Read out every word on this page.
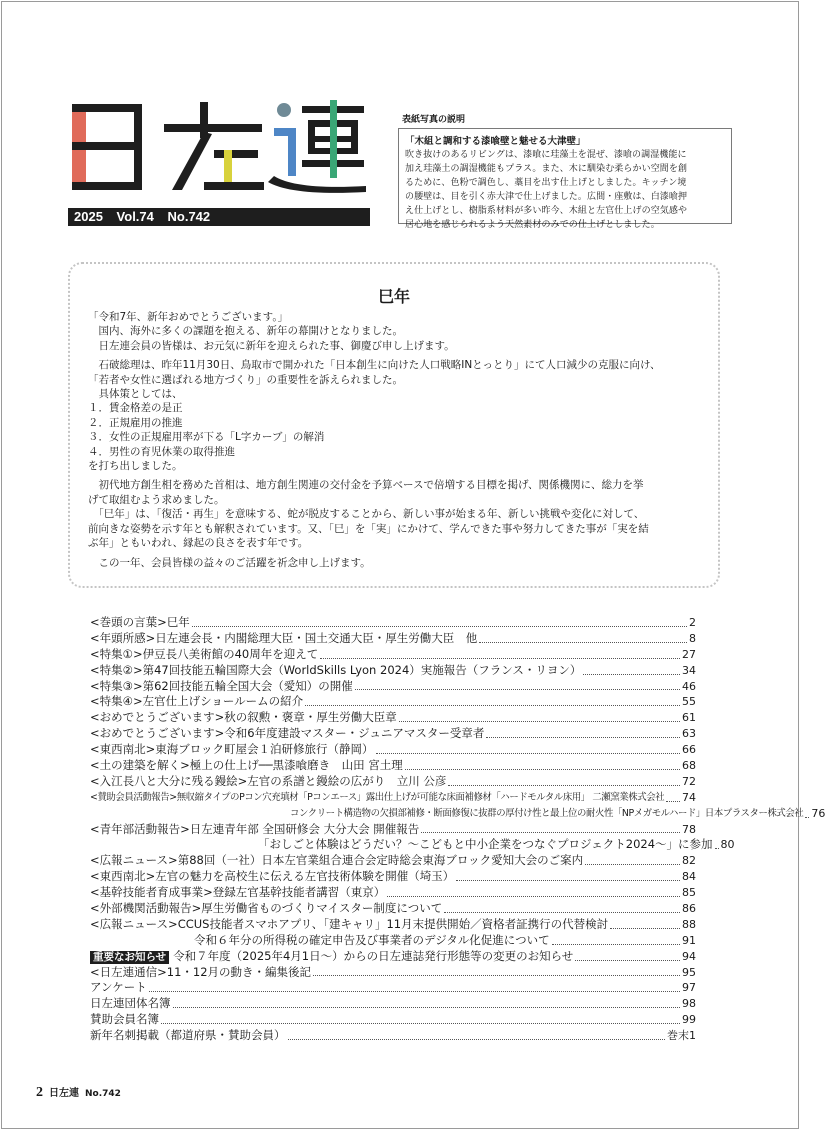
2025 Vol.74 No.742
表紙写真の説明
「木組と調和する漆喰壁と魅せる大津壁」
吹き抜けのあるリビングは、漆喰に珪藻土を混ぜ、漆喰の調湿機能に
加え珪藻土の調湿機能もプラス。また、木に馴染む柔らかい空間を創
るために、色粉で調色し、藁目を出す仕上げとしました。キッチン境
の腰壁は、目を引く赤大津で仕上げました。広間・座敷は、白漆喰押
え仕上げとし、樹脂系材料が多い昨今、木組と左官仕上げの空気感や
居心地を感じられるよう天然素材のみでの仕上げとしました。
巳年

「令和7年、新年おめでとうございます。」

　国内、海外に多くの課題を抱える、新年の幕開けとなりました。

　日左連会員の皆様は、お元気に新年を迎えられた事、御慶び申し上げます。

　石破総理は、昨年11月30日、鳥取市で開かれた「日本創生に向けた人口戦略INとっとり」にて人口減少の克服に向け、

「若者や女性に選ばれる地方づくり」の重要性を訴えられました。

　具体策としては、

１．賃金格差の是正

２．正規雇用の推進

３．女性の正規雇用率が下る「L字カーブ」の解消

４．男性の育児休業の取得推進

を打ち出しました。

　初代地方創生相を務めた首相は、地方創生関連の交付金を予算ベースで倍増する目標を掲げ、関係機関に、総力を挙

げて取組むよう求めました。

　「巳年」は、「復活・再生」を意味する、蛇が脱皮することから、新しい事が始まる年、新しい挑戦や変化に対して、

前向きな姿勢を示す年とも解釈されています。又、「巳」を「実」にかけて、学んできた事や努力してきた事が「実を結

ぶ年」ともいわれ、縁起の良さを表す年です。

　この一年、会員皆様の益々のご活躍を祈念申し上げます。

<巻頭の言葉>巳年	2
<年頭所感>日左連会長・内閣総理大臣・国土交通大臣・厚生労働大臣　他	8
<特集①>伊豆長八美術館の40周年を迎えて	27
<特集②>第47回技能五輪国際大会（WorldSkills Lyon 2024）実施報告（フランス・リヨン）	34
<特集③>第62回技能五輪全国大会（愛知）の開催	46
<特集④>左官仕上げショールームの紹介	55
<おめでとうございます>秋の叙勲・褒章・厚生労働大臣章	61
<おめでとうございます>令和6年度建設マスター・ジュニアマスター受章者	63
<東西南北>東海ブロック町屋会１泊研修旅行（静岡）	66
<土の建築を解く>極上の仕上げ──黒漆喰磨き　山田 宮土理	68
<入江長八と大分に残る鏝絵>左官の系譜と鏝絵の広がり　立川 公彦	72
<賛助会員活動報告>無収縮タイプのPコン穴充填材「Pコンエース」露出仕上げが可能な床面補修材「ハードモルタル床用」 二瀬窯業株式会社 74
コンクリート構造物の欠損部補修・断面修復に抜群の厚付け性と最上位の耐火性「NPメガモルハード」日本プラスター株式会社 76
<青年部活動報告>日左連青年部 全国研修会 大分大会 開催報告	78
「おしごと体験はどうだい？～こどもと中小企業をつなぐプロジェクト2024～」に参加 80
<広報ニュース>第88回（一社）日本左官業組合連合会定時総会東海ブロック愛知大会のご案内	82
<東西南北>左官の魅力を高校生に伝える左官技術体験を開催（埼玉）	84
<基幹技能者育成事業>登録左官基幹技能者講習（東京）	85
<外部機関活動報告>厚生労働省ものづくりマイスター制度について	86
<広報ニュース>CCUS技能者スマホアプリ、「建キャリ」11月末提供開始／資格者証携行の代替検討	88
令和６年分の所得税の確定申告及び事業者のデジタル化促進について	91
重要なお知らせ 令和７年度（2025年4月1日～）からの日左連誌発行形態等の変更のお知らせ	94
<日左連通信>11・12月の動き・編集後記	95
アンケート	97
日左連団体名簿	98
賛助会員名簿	99
新年名刺掲載（都道府県・賛助会員）	巻末1
2 日左連 No.742
